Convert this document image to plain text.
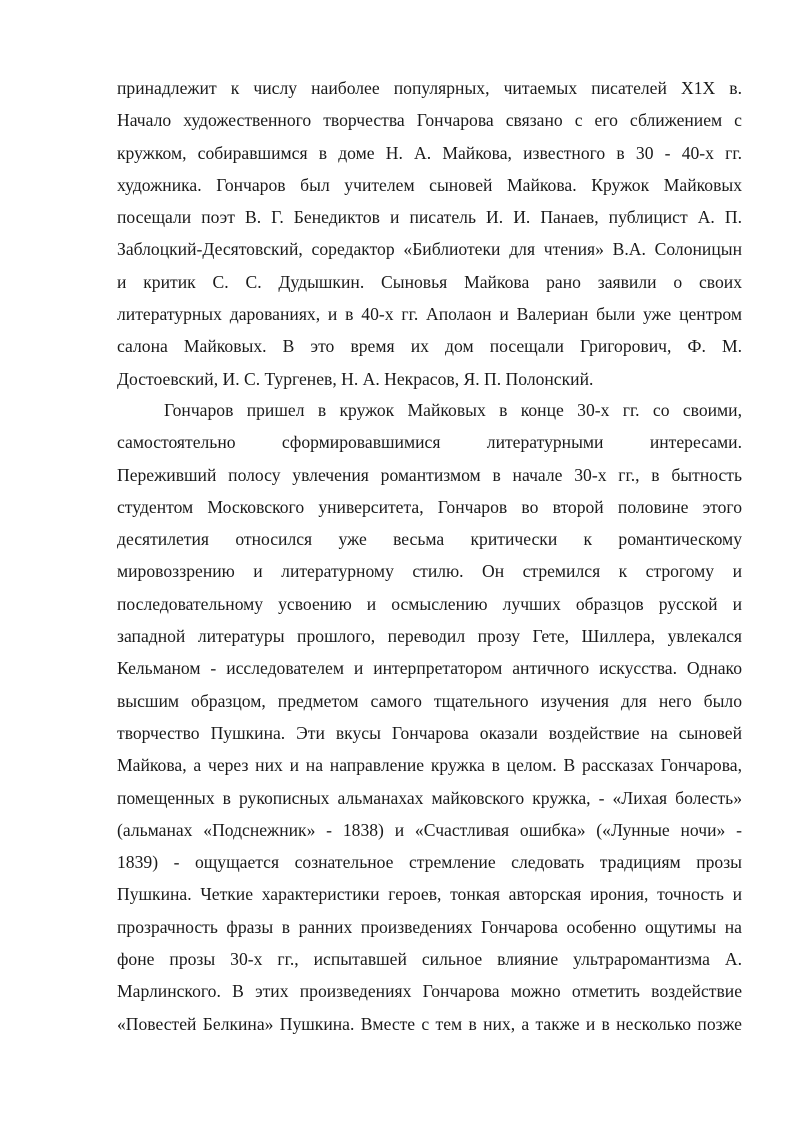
принадлежит к числу наиболее популярных, читаемых писателей Х1Х в.
Начало художественного творчества Гончарова связано с его сближением с
кружком, собиравшимся в доме Н. А. Майкова, известного в 30 - 40-х гг.
художника. Гончаров был учителем сыновей Майкова. Кружок Майковых
посещали поэт В. Г. Бенедиктов и писатель И. И. Панаев, публицист А. П.
Заблоцкий-Десятовский, соредактор «Библиотеки для чтения» В.А. Солоницын
и критик С. С. Дудышкин. Сыновья Майкова рано заявили о своих
литературных дарованиях, и в 40-х гг. Аполаон и Валериан были уже центром
салона Майковых. В это время их дом посещали Григорович, Ф. М.
Достоевский, И. С. Тургенев, Н. А. Некрасов, Я. П. Полонский.
Гончаров пришел в кружок Майковых в конце 30-х гг. со своими,
самостоятельно сформировавшимися литературными интересами.
Переживший полосу увлечения романтизмом в начале 30-х гг., в бытность
студентом Московского университета, Гончаров во второй половине этого
десятилетия относился уже весьма критически к романтическому
мировоззрению и литературному стилю. Он стремился к строгому и
последовательному усвоению и осмыслению лучших образцов русской и
западной литературы прошлого, переводил прозу Гете, Шиллера, увлекался
Кельманом - исследователем и интерпретатором античного искусства. Однако
высшим образцом, предметом самого тщательного изучения для него было
творчество Пушкина. Эти вкусы Гончарова оказали воздействие на сыновей
Майкова, а через них и на направление кружка в целом. В рассказах Гончарова,
помещенных в рукописных альманахах майковского кружка, - «Лихая болесть»
(альманах «Подснежник» - 1838) и «Счастливая ошибка» («Лунные ночи» -
1839) - ощущается сознательное стремление следовать традициям прозы
Пушкина. Четкие характеристики героев, тонкая авторская ирония, точность и
прозрачность фразы в ранних произведениях Гончарова особенно ощутимы на
фоне прозы 30-х гг., испытавшей сильное влияние ультраромантизма А.
Марлинского. В этих произведениях Гончарова можно отметить воздействие
«Повестей Белкина» Пушкина. Вместе с тем в них, а также и в несколько позже
